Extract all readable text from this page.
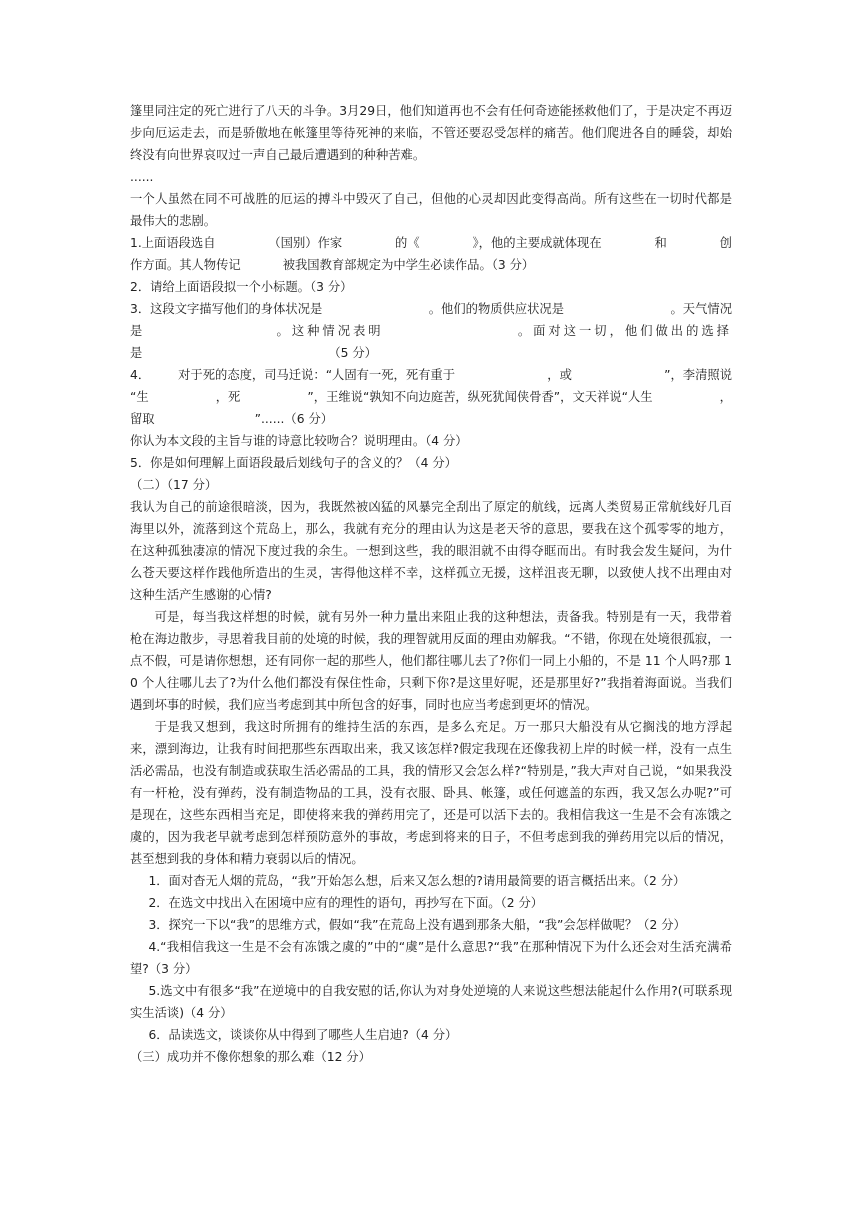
篷里同注定的死亡进行了八天的斗争。3月29日，他们知道再也不会有任何奇迹能拯救他们了，于是决定不再迈步向厄运走去，而是骄傲地在帐篷里等待死神的来临，不管还要忍受怎样的痛苦。他们爬进各自的睡袋，却始终没有向世界哀叹过一声自己最后遭遇到的种种苦难。

......

一个人虽然在同不可战胜的厄运的搏斗中毁灭了自己，但他的心灵却因此变得高尚。所有这些在一切时代都是最伟大的悲剧。

1.上面语段选自	（国别）作家	的《	》，他的主要成就体现在	和	创

作方面。其人物传记	被我国教育部规定为中学生必读作品。（3 分）

2．请给上面语段拟一个小标题。（3 分）

3．这段文字描写他们的身体状况是	。他们的物质供应状况是	。天气情况

是	。这种情况表明	。面对这一切，他们做出的选择

是	（5 分）

4． 对于死的态度，司马迁说：“人固有一死，死有重于	，或	”，李清照说

“生	，死	”，王维说“孰知不向边庭苦，纵死犹闻侠骨香”，文天祥说“人生	，

留取	”......（6 分）

你认为本文段的主旨与谁的诗意比较吻合？说明理由。（4 分）

5．你是如何理解上面语段最后划线句子的含义的？（4 分）

（二）（17 分）

我认为自己的前途很暗淡，因为，我既然被凶猛的风暴完全刮出了原定的航线，远离人类贸易正常航线好几百海里以外，流落到这个荒岛上，那么，我就有充分的理由认为这是老天爷的意思，要我在这个孤零零的地方，在这种孤独凄凉的情况下度过我的余生。一想到这些，我的眼泪就不由得夺眶而出。有时我会发生疑问，为什么苍天要这样作践他所造出的生灵，害得他这样不幸，这样孤立无援，这样沮丧无聊，以致使人找不出理由对这种生活产生感谢的心情?

可是，每当我这样想的时候，就有另外一种力量出来阻止我的这种想法，责备我。特别是有一天，我带着枪在海边散步，寻思着我目前的处境的时候，我的理智就用反面的理由劝解我。“不错，你现在处境很孤寂，一点不假，可是请你想想，还有同你一起的那些人，他们都往哪儿去了?你们一同上小船的，不是 11 个人吗?那 10 个人往哪儿去了?为什么他们都没有保住性命，只剩下你?是这里好呢，还是那里好?”我指着海面说。当我们遇到坏事的时候，我们应当考虑到其中所包含的好事，同时也应当考虑到更坏的情况。

于是我又想到，我这时所拥有的维持生活的东西，是多么充足。万一那只大船没有从它搁浅的地方浮起来，漂到海边，让我有时间把那些东西取出来，我又该怎样?假定我现在还像我初上岸的时候一样，没有一点生活必需品，也没有制造或获取生活必需品的工具，我的情形又会怎么样?“特别是，”我大声对自己说，“如果我没有一杆枪，没有弹药，没有制造物品的工具，没有衣服、卧具、帐篷，或任何遮盖的东西，我又怎么办呢?”可是现在，这些东西相当充足，即使将来我的弹药用完了，还是可以活下去的。我相信我这一生是不会有冻饿之虞的，因为我老早就考虑到怎样预防意外的事故，考虑到将来的日子，不但考虑到我的弹药用完以后的情况，甚至想到我的身体和精力衰弱以后的情况。

1．面对杳无人烟的荒岛，“我”开始怎么想，后来又怎么想的?请用最简要的语言概括出来。（2 分）

2．在选文中找出入在困境中应有的理性的语句，再抄写在下面。（2 分）

3．探究一下以“我”的思维方式，假如“我”在荒岛上没有遇到那条大船，“我”会怎样做呢？（2 分）

4.“我相信我这一生是不会有冻饿之虞的”中的“虞”是什么意思?“我”在那种情况下为什么还会对生活充满希望?（3 分）

5.选文中有很多“我”在逆境中的自我安慰的话,你认为对身处逆境的人来说这些想法能起什么作用?(可联系现实生活谈)（4 分）

6．品读选文，谈谈你从中得到了哪些人生启迪?（4 分）

（三）成功并不像你想象的那么难（12 分）
